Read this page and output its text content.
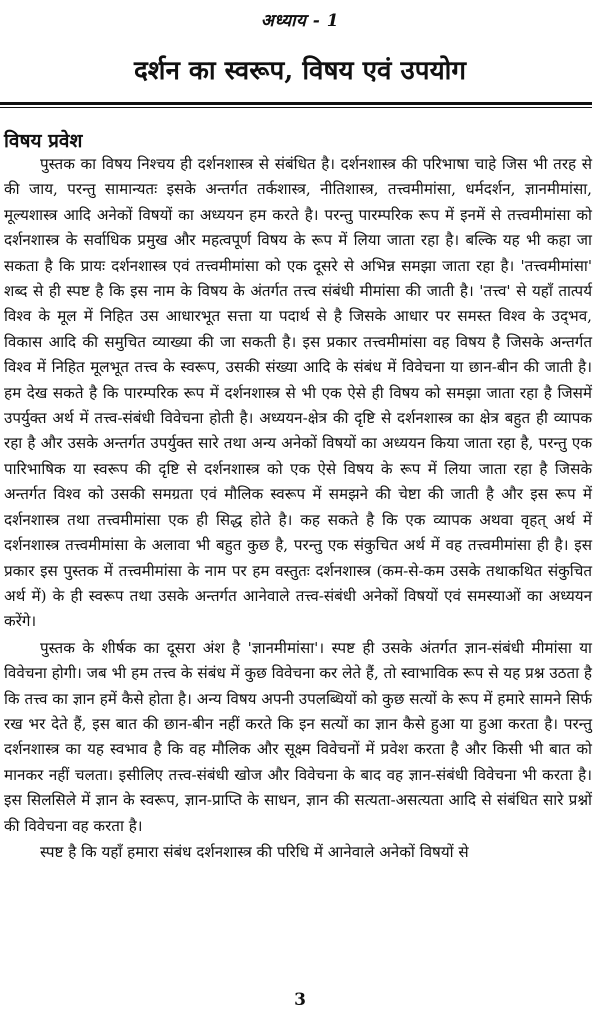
अध्याय - 1
दर्शन का स्वरूप, विषय एवं उपयोग
विषय प्रवेश

पुस्तक का विषय निश्चय ही दर्शनशास्त्र से संबंधित है। दर्शनशास्त्र की परिभाषा चाहे जिस भी तरह से की जाय, परन्तु सामान्यतः इसके अन्तर्गत तर्कशास्त्र, नीतिशास्त्र, तत्त्वमीमांसा, धर्मदर्शन, ज्ञानमीमांसा, मूल्यशास्त्र आदि अनेकों विषयों का अध्ययन हम करते है। परन्तु पारम्परिक रूप में इनमें से तत्त्वमीमांसा को दर्शनशास्त्र के सर्वाधिक प्रमुख और महत्वपूर्ण विषय के रूप में लिया जाता रहा है। बल्कि यह भी कहा जा सकता है कि प्रायः दर्शनशास्त्र एवं तत्त्वमीमांसा को एक दूसरे से अभिन्न समझा जाता रहा है। 'तत्त्वमीमांसा' शब्द से ही स्पष्ट है कि इस नाम के विषय के अंतर्गत तत्त्व संबंधी मीमांसा की जाती है। 'तत्त्व' से यहाँ तात्पर्य विश्व के मूल में निहित उस आधारभूत सत्ता या पदार्थ से है जिसके आधार पर समस्त विश्व के उद्‌भव, विकास आदि की समुचित व्याख्या की जा सकती है। इस प्रकार तत्त्वमीमांसा वह विषय है जिसके अन्तर्गत विश्व में निहित मूलभूत तत्त्व के स्वरूप, उसकी संख्या आदि के संबंध में विवेचना या छान-बीन की जाती है। हम देख सकते है कि पारम्परिक रूप में दर्शनशास्त्र से भी एक ऐसे ही विषय को समझा जाता रहा है जिसमें उपर्युक्त अर्थ में तत्त्व-संबंधी विवेचना होती है। अध्ययन-क्षेत्र की दृष्टि से दर्शनशास्त्र का क्षेत्र बहुत ही व्यापक रहा है और उसके अन्तर्गत उपर्युक्त सारे तथा अन्य अनेकों विषयों का अध्ययन किया जाता रहा है, परन्तु एक पारिभाषिक या स्वरूप की दृष्टि से दर्शनशास्त्र को एक ऐसे विषय के रूप में लिया जाता रहा है जिसके अन्तर्गत विश्व को उसकी समग्रता एवं मौलिक स्वरूप में समझने की चेष्टा की जाती है और इस रूप में दर्शनशास्त्र तथा तत्त्वमीमांसा एक ही सिद्ध होते है। कह सकते है कि एक व्यापक अथवा वृहत्‌ अर्थ में दर्शनशास्त्र तत्त्वमीमांसा के अलावा भी बहुत कुछ है, परन्तु एक संकुचित अर्थ में वह तत्त्वमीमांसा ही है। इस प्रकार इस पुस्तक में तत्त्वमीमांसा के नाम पर हम वस्तुतः दर्शनशास्त्र (कम-से-कम उसके तथाकथित संकुचित अर्थ में) के ही स्वरूप तथा उसके अन्तर्गत आनेवाले तत्त्व-संबंधी अनेकों विषयों एवं समस्याओं का अध्ययन करेंगे।

पुस्तक के शीर्षक का दूसरा अंश है 'ज्ञानमीमांसा'। स्पष्ट ही उसके अंतर्गत ज्ञान-संबंधी मीमांसा या विवेचना होगी। जब भी हम तत्त्व के संबंध में कुछ विवेचना कर लेते हैं, तो स्वाभाविक रूप से यह प्रश्न उठता है कि तत्त्व का ज्ञान हमें कैसे होता है। अन्य विषय अपनी उपलब्धियों को कुछ सत्यों के रूप में हमारे सामने सिर्फ रख भर देते हैं, इस बात की छान-बीन नहीं करते कि इन सत्यों का ज्ञान कैसे हुआ या हुआ करता है। परन्तु दर्शनशास्त्र का यह स्वभाव है कि वह मौलिक और सूक्ष्म विवेचनों में प्रवेश करता है और किसी भी बात को मानकर नहीं चलता। इसीलिए तत्त्व-संबंधी खोज और विवेचना के बाद वह ज्ञान-संबंधी विवेचना भी करता है। इस सिलसिले में ज्ञान के स्वरूप, ज्ञान-प्राप्ति के साधन, ज्ञान की सत्यता-असत्यता आदि से संबंधित सारे प्रश्नों की विवेचना वह करता है।

स्पष्ट है कि यहाँ हमारा संबंध दर्शनशास्त्र की परिधि में आनेवाले अनेकों विषयों से

3
